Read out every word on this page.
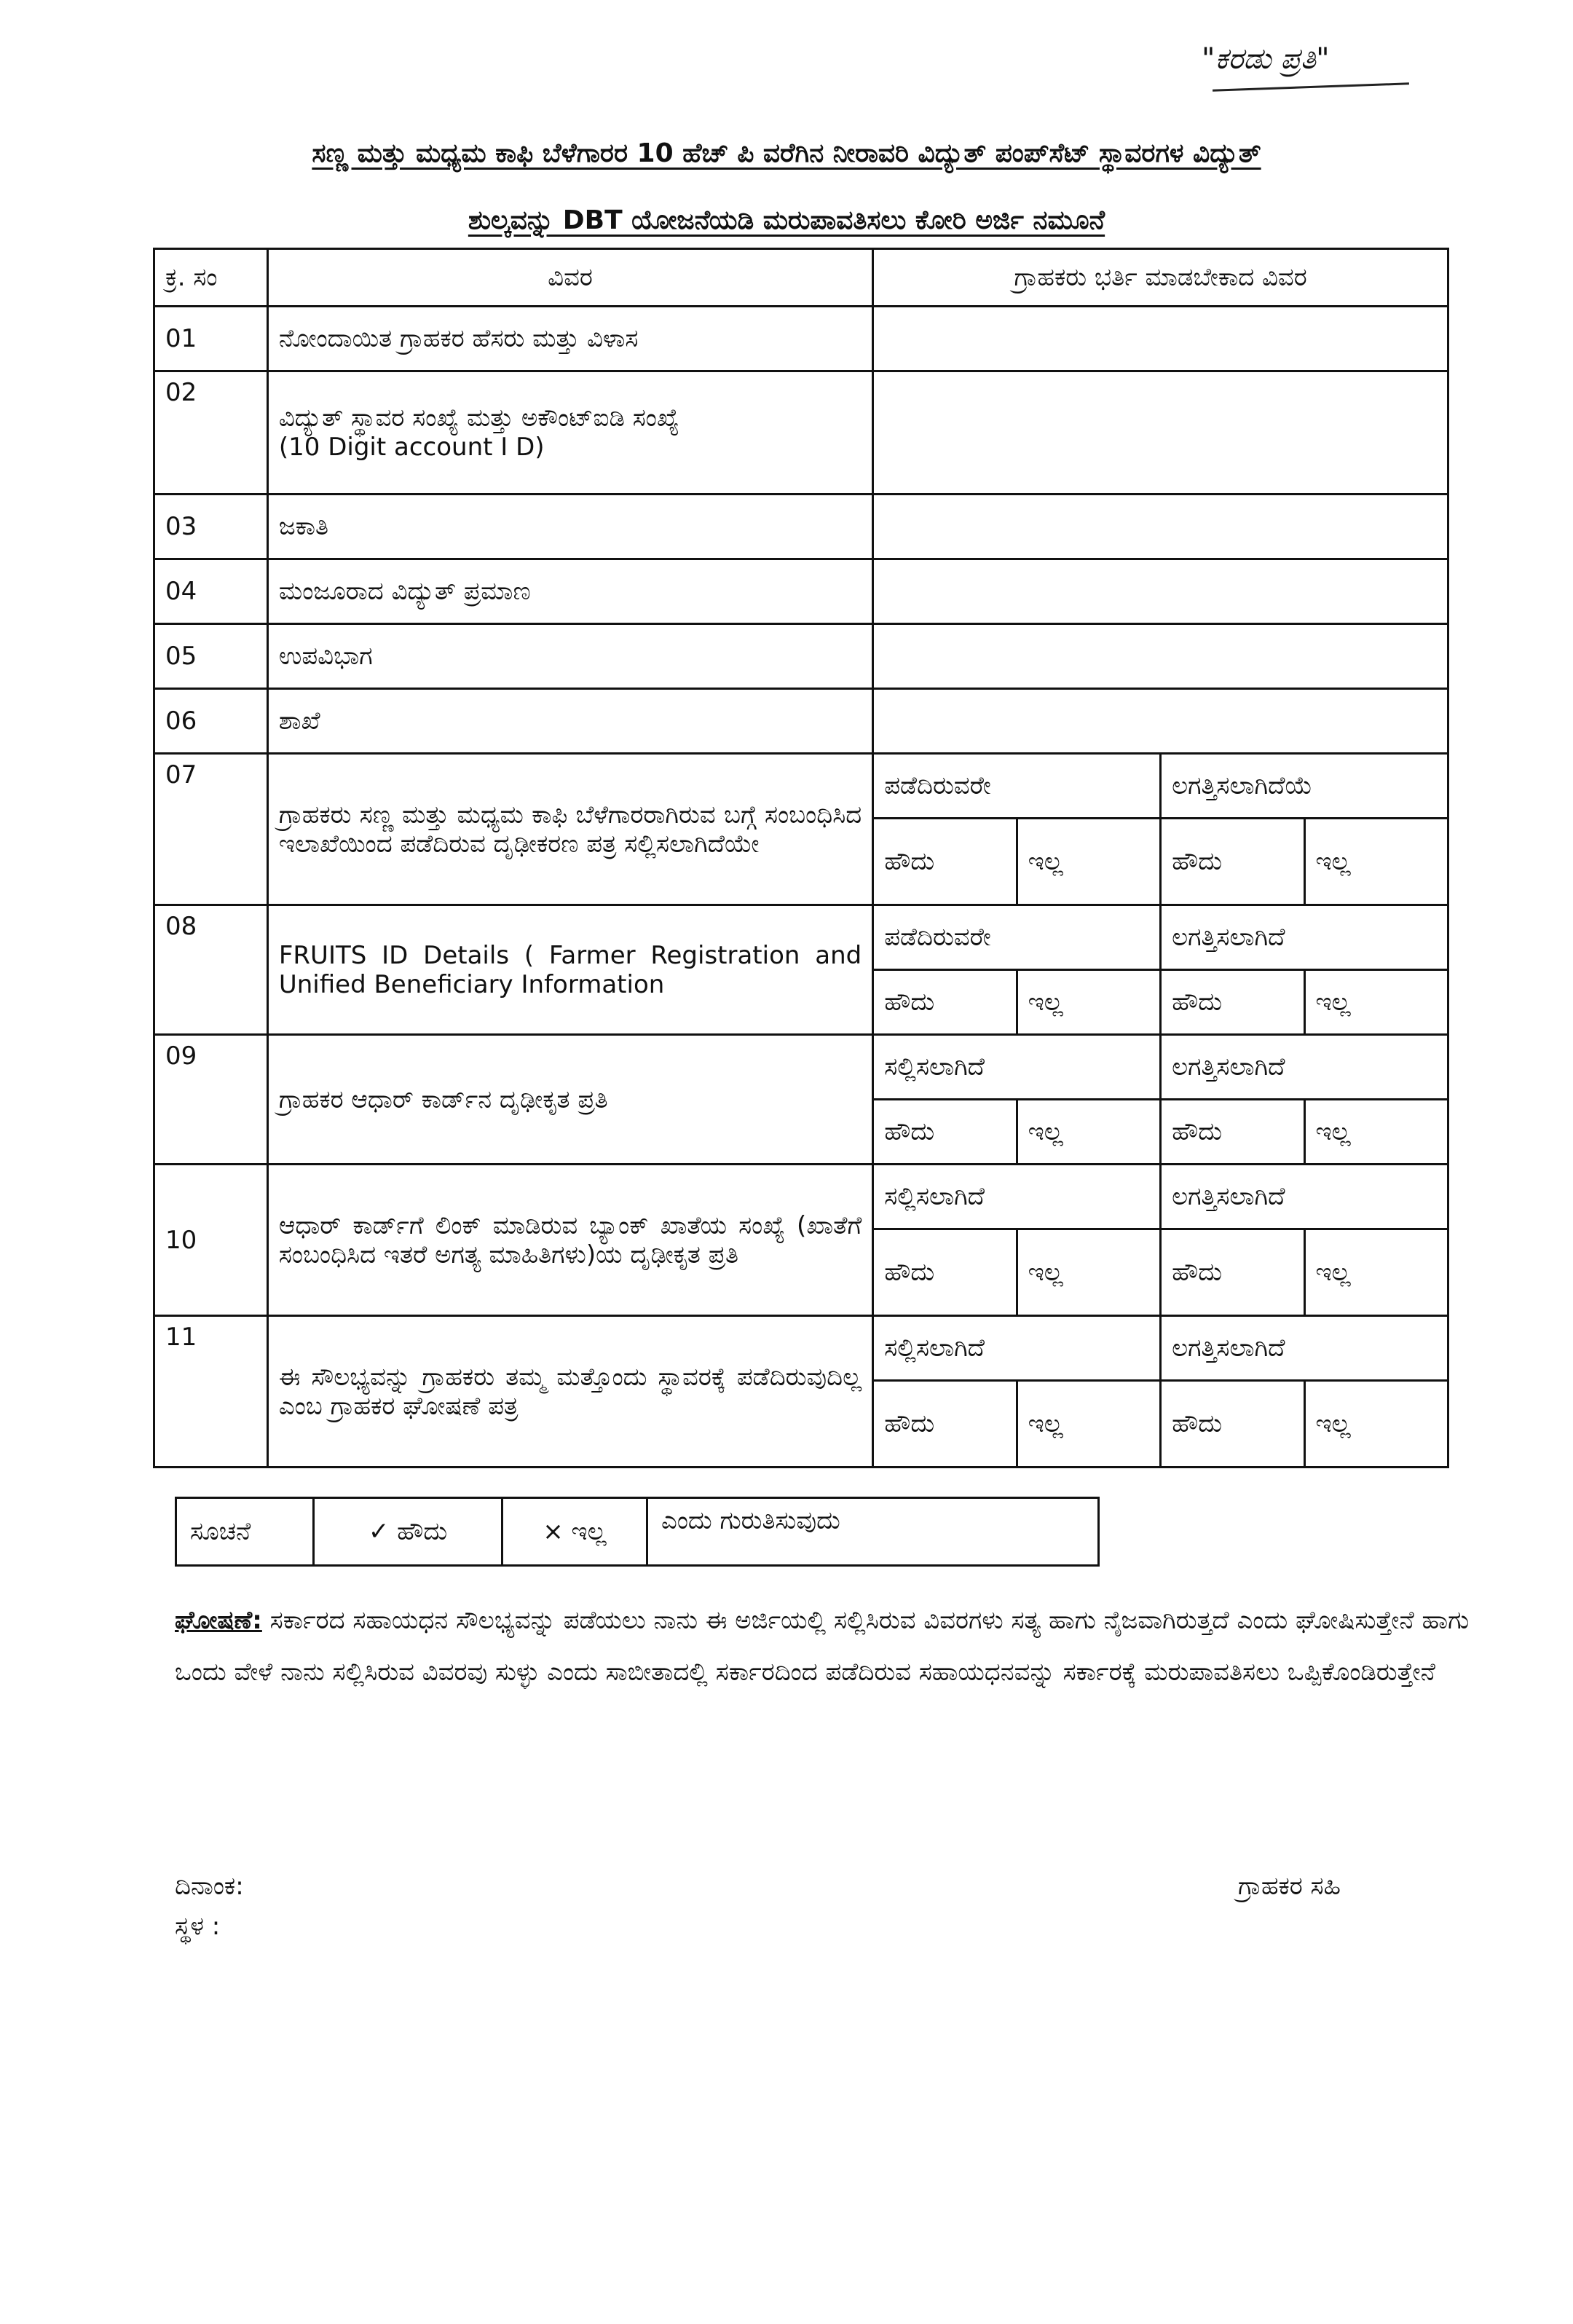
"ಕರಡು ಪ್ರತಿ"
ಸಣ್ಣ ಮತ್ತು ಮಧ್ಯಮ ಕಾಫಿ ಬೆಳೆಗಾರರ 10 ಹೆಚ್ ಪಿ ವರೆಗಿನ ನೀರಾವರಿ ವಿದ್ಯುತ್ ಪಂಪ್‌ಸೆಟ್ ಸ್ಥಾವರಗಳ ವಿದ್ಯುತ್
ಶುಲ್ಕವನ್ನು DBT ಯೋಜನೆಯಡಿ ಮರುಪಾವತಿಸಲು ಕೋರಿ ಅರ್ಜಿ ನಮೂನೆ
ಕ್ರ. ಸಂ	ವಿವರ	ಗ್ರಾಹಕರು ಭರ್ತಿ ಮಾಡಬೇಕಾದ ವಿವರ			
01	ನೋಂದಾಯಿತ ಗ್ರಾಹಕರ ಹೆಸರು ಮತ್ತು ವಿಳಾಸ				
02	ವಿದ್ಯುತ್ ಸ್ಥಾವರ ಸಂಖ್ಯೆ ಮತ್ತು ಅಕೌಂಟ್‌ಐಡಿ ಸಂಖ್ಯೆ
(10 Digit account I D)				

03	ಜಕಾತಿ				
04	ಮಂಜೂರಾದ ವಿದ್ಯುತ್ ಪ್ರಮಾಣ				
05	ಉಪವಿಭಾಗ				
06	ಶಾಖೆ				
07	ಗ್ರಾಹಕರು ಸಣ್ಣ ಮತ್ತು ಮಧ್ಯಮ ಕಾಫಿ ಬೆಳೆಗಾರರಾಗಿರುವ ಬಗ್ಗೆ ಸಂಬಂಧಿಸಿದ ಇಲಾಖೆಯಿಂದ ಪಡೆದಿರುವ ದೃಢೀಕರಣ ಪತ್ರ ಸಲ್ಲಿಸಲಾಗಿದೆಯೇ	ಪಡೆದಿರುವರೇ		ಲಗತ್ತಿಸಲಾಗಿದೆಯೆ	
		ಹೌದು	ಇಲ್ಲ	ಹೌದು	ಇಲ್ಲ
08	FRUITS ID Details ( Farmer Registration and Unified Beneficiary Information	ಪಡೆದಿರುವರೇ		ಲಗತ್ತಿಸಲಾಗಿದೆ	
		ಹೌದು	ಇಲ್ಲ	ಹೌದು	ಇಲ್ಲ
09	ಗ್ರಾಹಕರ ಆಧಾರ್ ಕಾರ್ಡ್‌ನ ದೃಢೀಕೃತ ಪ್ರತಿ	ಸಲ್ಲಿಸಲಾಗಿದೆ		ಲಗತ್ತಿಸಲಾಗಿದೆ	
		ಹೌದು	ಇಲ್ಲ	ಹೌದು	ಇಲ್ಲ
10	ಆಧಾರ್ ಕಾರ್ಡ್‌ಗೆ ಲಿಂಕ್ ಮಾಡಿರುವ ಬ್ಯಾಂಕ್ ಖಾತೆಯ ಸಂಖ್ಯೆ (ಖಾತೆಗೆ ಸಂಬಂಧಿಸಿದ ಇತರೆ ಅಗತ್ಯ ಮಾಹಿತಿಗಳು)ಯ ದೃಢೀಕೃತ ಪ್ರತಿ	ಸಲ್ಲಿಸಲಾಗಿದೆ		ಲಗತ್ತಿಸಲಾಗಿದೆ	
		ಹೌದು	ಇಲ್ಲ	ಹೌದು	ಇಲ್ಲ
11	ಈ ಸೌಲಭ್ಯವನ್ನು ಗ್ರಾಹಕರು ತಮ್ಮ ಮತ್ತೊಂದು ಸ್ಥಾವರಕ್ಕೆ ಪಡೆದಿರುವುದಿಲ್ಲ ಎಂಬ ಗ್ರಾಹಕರ ಘೋಷಣೆ ಪತ್ರ	ಸಲ್ಲಿಸಲಾಗಿದೆ		ಲಗತ್ತಿಸಲಾಗಿದೆ	
		ಹೌದು	ಇಲ್ಲ	ಹೌದು	ಇಲ್ಲ
ಸೂಚನೆ	✓ ಹೌದು	× ಇಲ್ಲ	ಎಂದು ಗುರುತಿಸುವುದು
ಘೋಷಣೆ: ಸರ್ಕಾರದ ಸಹಾಯಧನ ಸೌಲಭ್ಯವನ್ನು ಪಡೆಯಲು ನಾನು ಈ ಅರ್ಜಿಯಲ್ಲಿ ಸಲ್ಲಿಸಿರುವ ವಿವರಗಳು ಸತ್ಯ ಹಾಗು ನೈಜವಾಗಿರುತ್ತದೆ ಎಂದು ಘೋಷಿಸುತ್ತೇನೆ ಹಾಗು ಒಂದು ವೇಳೆ ನಾನು ಸಲ್ಲಿಸಿರುವ ವಿವರವು ಸುಳ್ಳು ಎಂದು ಸಾಬೀತಾದಲ್ಲಿ ಸರ್ಕಾರದಿಂದ ಪಡೆದಿರುವ ಸಹಾಯಧನವನ್ನು ಸರ್ಕಾರಕ್ಕೆ ಮರುಪಾವತಿಸಲು ಒಪ್ಪಿಕೊಂಡಿರುತ್ತೇನೆ
ದಿನಾಂಕ:
ಸ್ಥಳ :
ಗ್ರಾಹಕರ ಸಹಿ
